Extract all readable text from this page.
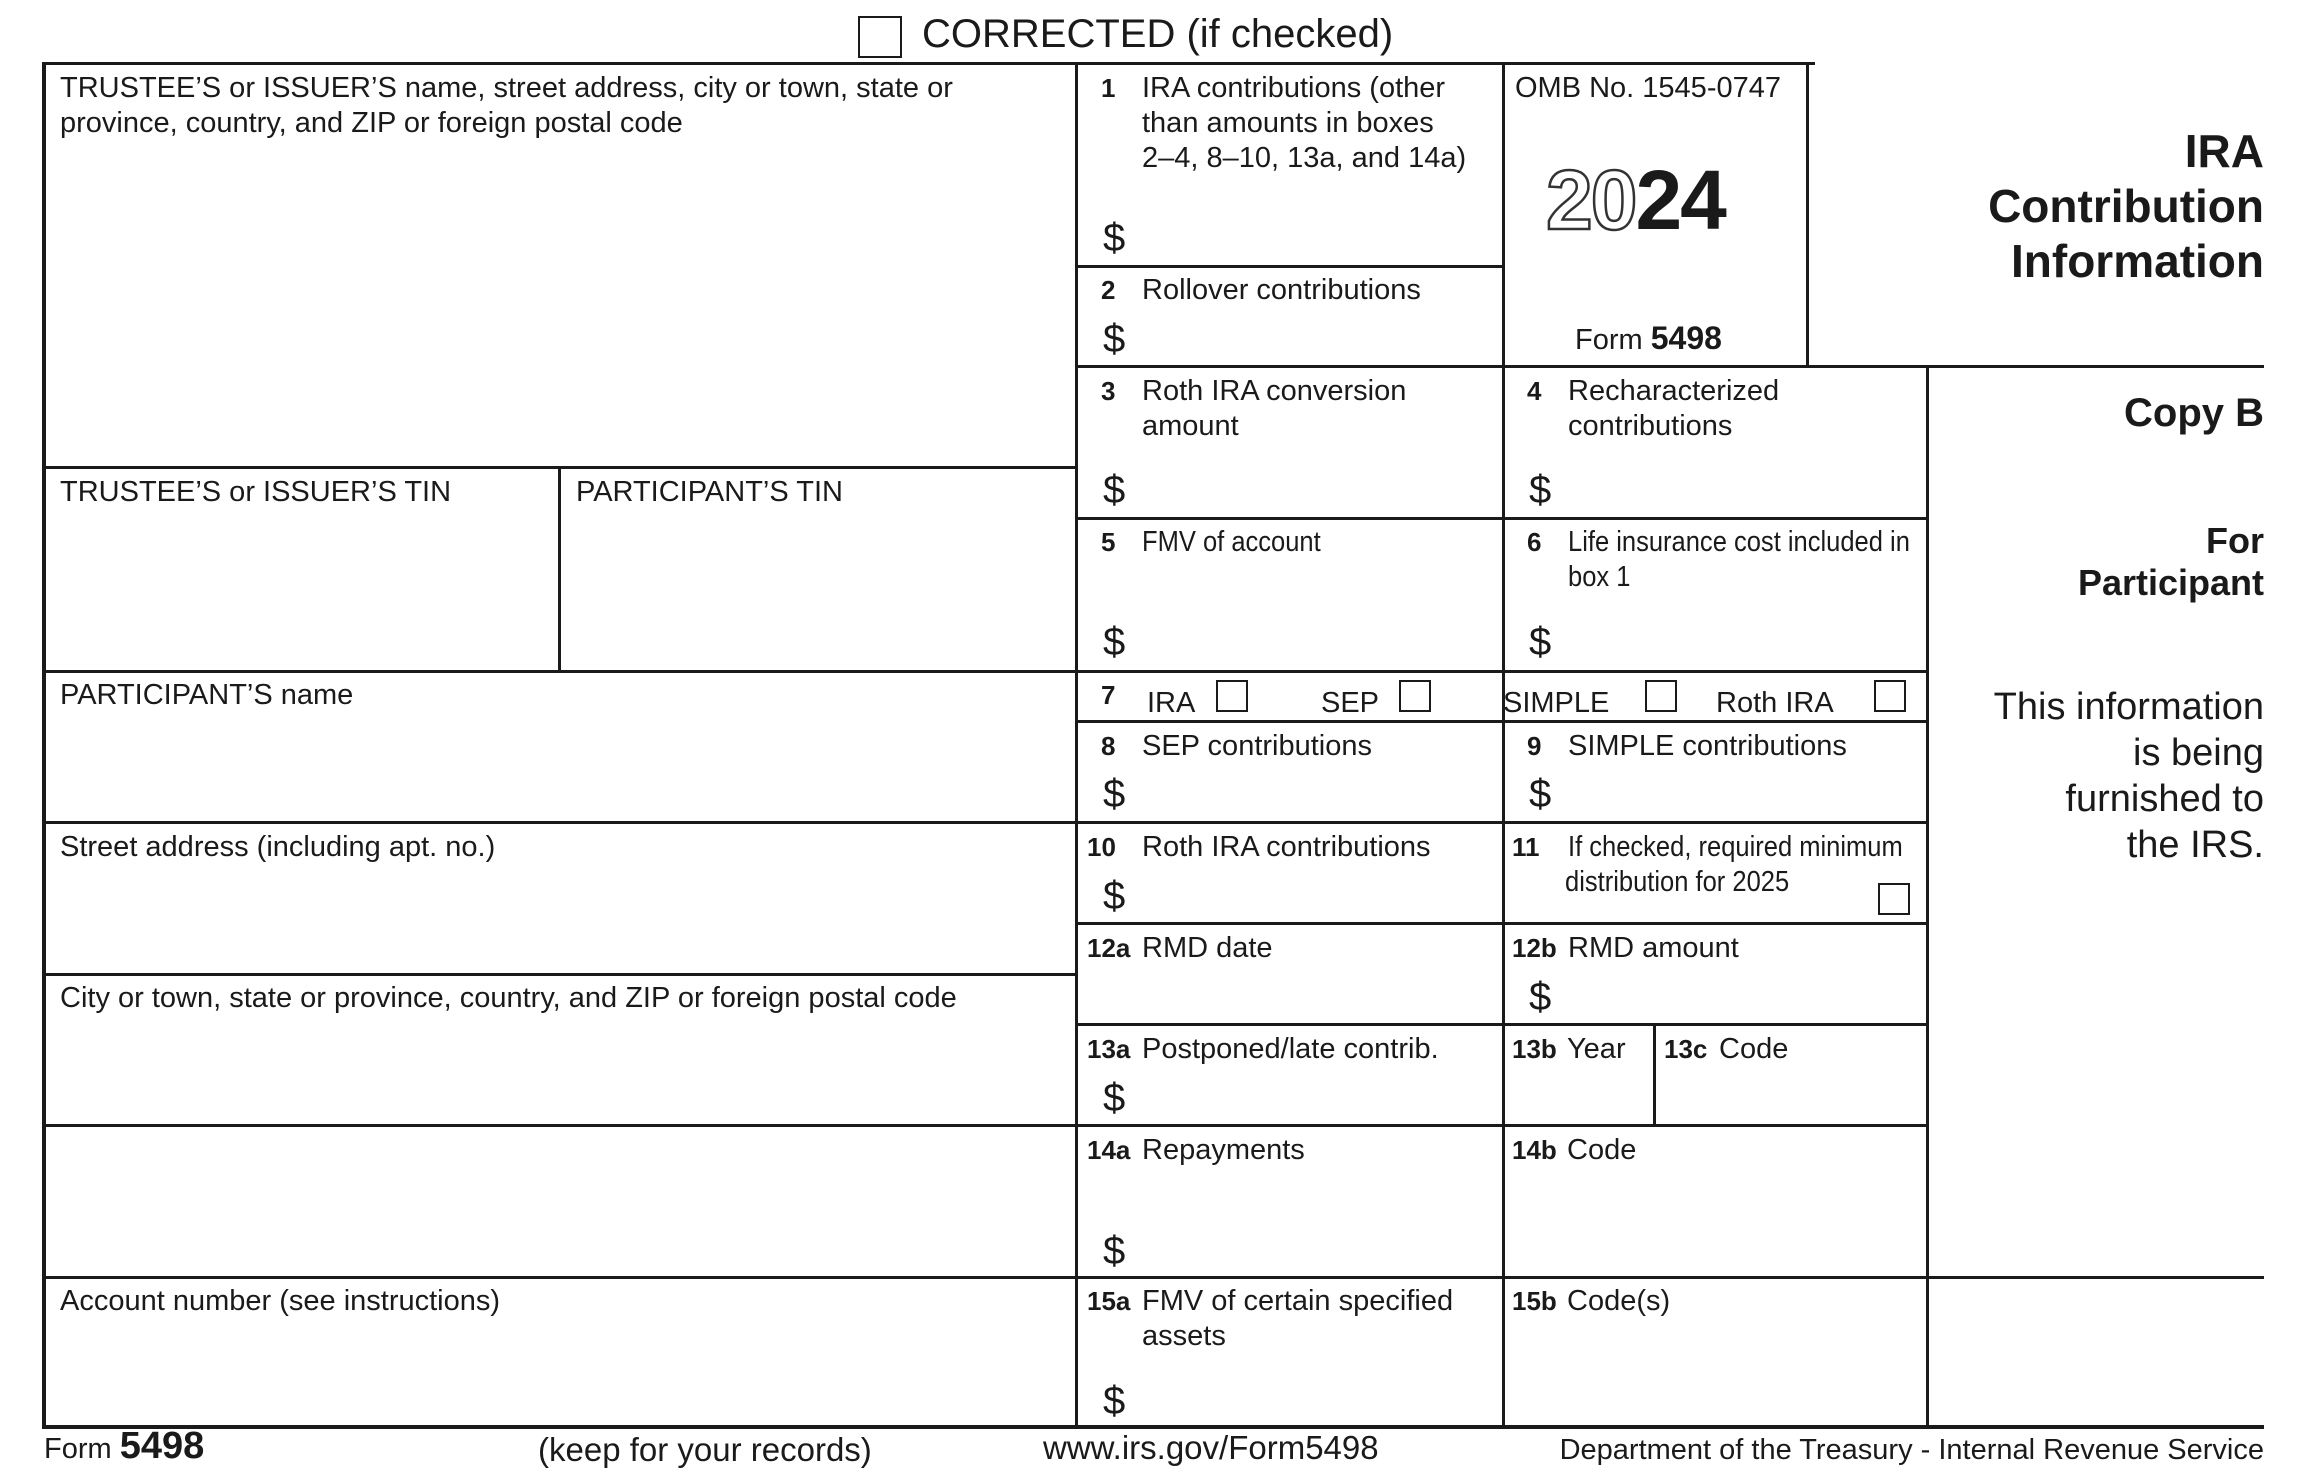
CORRECTED (if checked)
TRUSTEE’S or ISSUER’S name, street address, city or town, state or
province, country, and ZIP or foreign postal code
TRUSTEE’S or ISSUER’S TIN	PARTICIPANT’S TIN
PARTICIPANT’S name
Street address (including apt. no.)
City or town, state or province, country, and ZIP or foreign postal code
Account number (see instructions)
1 IRA contributions (other
than amounts in boxes
2–4, 8–10, 13a, and 14a)
$
2 Rollover contributions
$
OMB No. 1545-0747
2024
Form 5498
IRA
Contribution
Information
3 Roth IRA conversion
amount
$
4 Recharacterized
contributions
$
Copy B
For
Participant
This information
is being
furnished to
the IRS.
5 FMV of account
$
6 Life insurance cost included in
box 1
$
7 IRA	SEP	SIMPLE	Roth IRA
8 SEP contributions
$
9 SIMPLE contributions
$
10 Roth IRA contributions
$
11 If checked, required minimum
distribution for 2025
12a RMD date	12b RMD amount
$
13a Postponed/late contrib.
$
13b Year 13c Code
14a Repayments
$
14b Code
15a FMV of certain specified
assets
$
15b Code(s)
Form 5498	(keep for your records)	www.irs.gov/Form5498	Department of the Treasury - Internal Revenue Service
